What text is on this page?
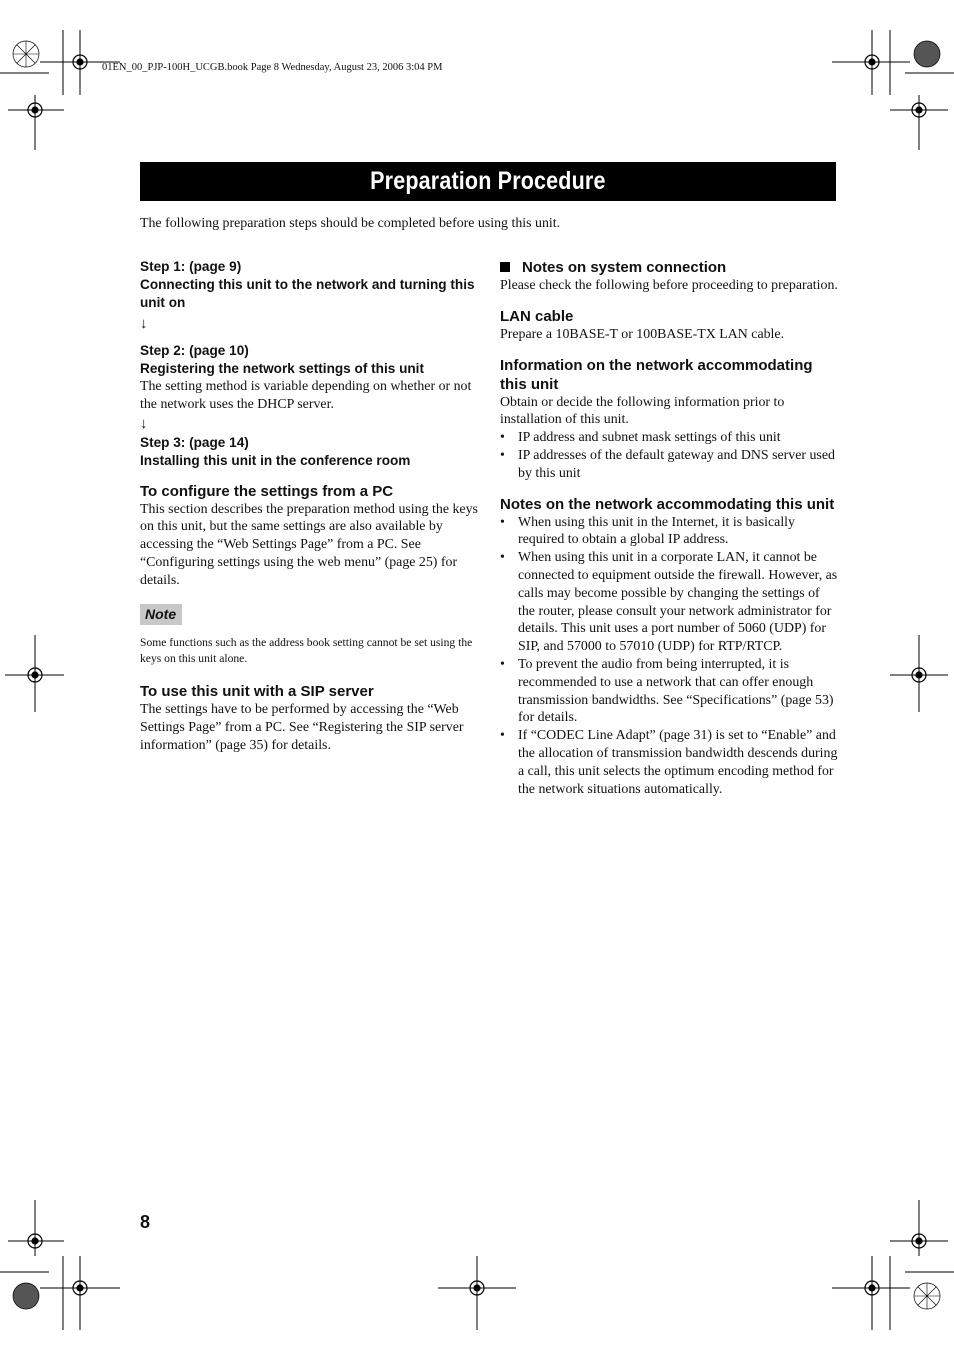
01EN_00_PJP-100H_UCGB.book Page 8 Wednesday, August 23, 2006 3:04 PM
Preparation Procedure
The following preparation steps should be completed before using this unit.

Step 1: (page 9)

Connecting this unit to the network and turning this unit on

↓

Step 2: (page 10)

Registering the network settings of this unit

The setting method is variable depending on whether or not the network uses the DHCP server.

↓

Step 3: (page 14)

Installing this unit in the conference room

To configure the settings from a PC

This section describes the preparation method using the keys on this unit, but the same settings are also available by accessing the “Web Settings Page” from a PC. See “Configuring settings using the web menu” (page 25) for details.

Note

Some functions such as the address book setting cannot be set using the keys on this unit alone.

To use this unit with a SIP server

The settings have to be performed by accessing the “Web Settings Page” from a PC. See “Registering the SIP server information” (page 35) for details.

Notes on system connection

Please check the following before proceeding to preparation.

LAN cable

Prepare a 10BASE-T or 100BASE-TX LAN cable.

Information on the network accommodating this unit

Obtain or decide the following information prior to installation of this unit.

• IP address and subnet mask settings of this unit
• IP addresses of the default gateway and DNS server used by this unit

Notes on the network accommodating this unit

• When using this unit in the Internet, it is basically required to obtain a global IP address.
• When using this unit in a corporate LAN, it cannot be connected to equipment outside the firewall. However, as calls may become possible by changing the settings of the router, please consult your network administrator for details. This unit uses a port number of 5060 (UDP) for SIP, and 57000 to 57010 (UDP) for RTP/RTCP.
• To prevent the audio from being interrupted, it is recommended to use a network that can offer enough transmission bandwidths. See “Specifications” (page 53) for details.
• If “CODEC Line Adapt” (page 31) is set to “Enable” and the allocation of transmission bandwidth descends during a call, this unit selects the optimum encoding method for the network situations automatically.
8
